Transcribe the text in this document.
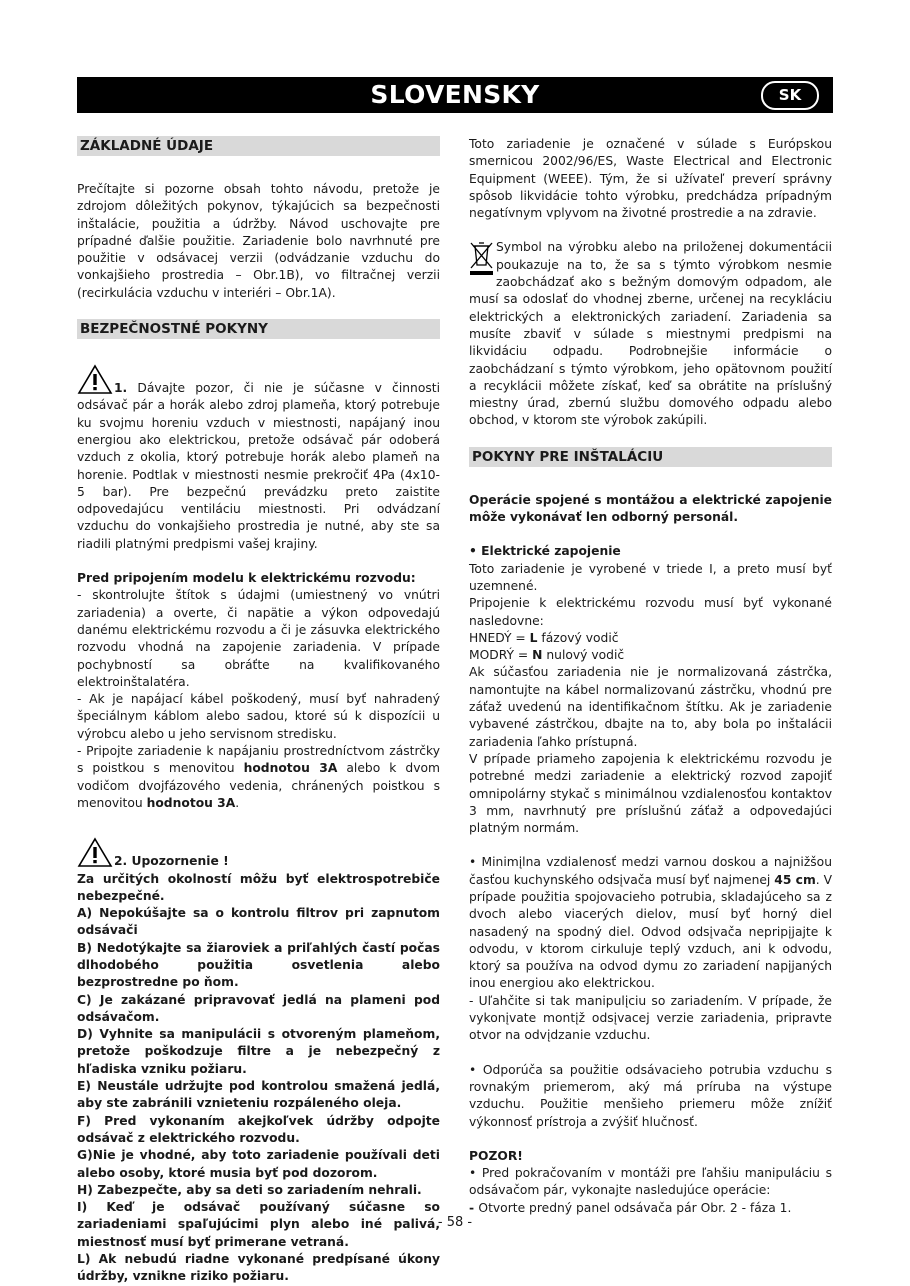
SLOVENSKY	SK
ZÁKLADNÉ ÚDAJE

Prečítajte si pozorne obsah tohto návodu, pretože je zdrojom dôležitých pokynov, týkajúcich sa bezpečnosti inštalácie, použitia a údržby. Návod uschovajte pre prípadné ďalšie použitie. Zariadenie bolo navrhnuté pre použitie v odsávacej verzii (odvádzanie vzduchu do vonkajšieho prostredia – Obr.1B), vo filtračnej verzii (recirkulácia vzduchu v interiéri – Obr.1A).

BEZPEČNOSTNÉ POKYNY

1. Dávajte pozor, či nie je súčasne v činnosti odsávač pár a horák alebo zdroj plameňa, ktorý potrebuje ku svojmu horeniu vzduch v miestnosti, napájaný inou energiou ako elektrickou, pretože odsávač pár odoberá vzduch z okolia, ktorý potrebuje horák alebo plameň na horenie. Podtlak v miestnosti nesmie prekročiť 4Pa (4x10-5 bar). Pre bezpečnú prevádzku preto zaistite odpovedajúcu ventiláciu miestnosti. Pri odvádzaní vzduchu do vonkajšieho prostredia je nutné, aby ste sa riadili platnými predpismi vašej krajiny.

Pred pripojením modelu k elektrickému rozvodu:

- skontrolujte štítok s údajmi (umiestnený vo vnútri zariadenia) a overte, či napätie a výkon odpovedajú danému elektrickému rozvodu a či je zásuvka elektrického rozvodu vhodná na zapojenie zariadenia. V prípade pochybností sa obráťte na kvalifikovaného elektroinštalatéra.

- Ak je napájací kábel poškodený, musí byť nahradený špeciálnym káblom alebo sadou, ktoré sú k dispozícii u výrobcu alebo u jeho servisnom stredisku.

- Pripojte zariadenie k napájaniu prostredníctvom zástrčky s poistkou s menovitou hodnotou 3A alebo k dvom vodičom dvojfázového vedenia, chránených poistkou s menovitou hodnotou 3A.

2. Upozornenie !

Za určitých okolností môžu byť elektrospotrebiče nebezpečné.

A) Nepokúšajte sa o kontrolu filtrov pri zapnutom odsávači

B) Nedotýkajte sa žiaroviek a priľahlých častí počas dlhodobého použitia osvetlenia alebo bezprostredne po ňom.

C) Je zakázané pripravovať jedlá na plameni pod odsávačom.

D) Vyhnite sa manipulácii s otvoreným plameňom, pretože poškodzuje filtre a je nebezpečný z hľadiska vzniku požiaru.

E) Neustále udržujte pod kontrolou smažená jedlá, aby ste zabránili vznieteniu rozpáleného oleja.

F) Pred vykonaním akejkoľvek údržby odpojte odsávač z elektrického rozvodu.

G)Nie je vhodné, aby toto zariadenie používali deti alebo osoby, ktoré musia byť pod dozorom.

H) Zabezpečte, aby sa deti so zariadením nehrali.

I) Keď je odsávač používaný súčasne so zariadeniami spaľujúcimi plyn alebo iné palivá, miestnosť musí byť primerane vetraná.

L) Ak nebudú riadne vykonané predpísané úkony údržby, vznikne riziko požiaru.

Toto zariadenie je označené v súlade s Európskou smernicou 2002/96/ES, Waste Electrical and Electronic Equipment (WEEE). Tým, že si užívateľ preverí správny spôsob likvidácie tohto výrobku, predchádza prípadným negatívnym vplyvom na životné prostredie a na zdravie.

Symbol na výrobku alebo na priloženej dokumentácii poukazuje na to, že sa s týmto výrobkom nesmie zaobchádzať ako s bežným domovým odpadom, ale musí sa odoslať do vhodnej zberne, určenej na recykláciu elektrických a elektronických zariadení. Zariadenia sa musíte zbaviť v súlade s miestnymi predpismi na likvidáciu odpadu. Podrobnejšie informácie o zaobchádzaní s týmto výrobkom, jeho opätovnom použití a recyklácii môžete získať, keď sa obrátite na príslušný miestny úrad, zbernú službu domového odpadu alebo obchod, v ktorom ste výrobok zakúpili.

POKYNY PRE INŠTALÁCIU

Operácie spojené s montážou a elektrické zapojenie môže vykonávať len odborný personál.

• Elektrické zapojenie

Toto zariadenie je vyrobené v triede I, a preto musí byť uzemnené.

Pripojenie k elektrickému rozvodu musí byť vykonané nasledovne:

HNEDÝ = L fázový vodič

MODRÝ = N nulový vodič

Ak súčasťou zariadenia nie je normalizovaná zástrčka, namontujte na kábel normalizovanú zástrčku, vhodnú pre záťaž uvedenú na identifikačnom štítku. Ak je zariadenie vybavené zástrčkou, dbajte na to, aby bola po inštalácii zariadenia ľahko prístupná.

V prípade priameho zapojenia k elektrickému rozvodu je potrebné medzi zariadenie a elektrický rozvod zapojiť omnipolárny stykač s minimálnou vzdialenosťou kontaktov 3 mm, navrhnutý pre príslušnú záťaž a odpovedajúci platným normám.

• Minimįlna vzdialenosť medzi varnou doskou a najnižšou časťou kuchynského odsįvača musí byť najmenej 45 cm. V prípade použitia spojovacieho potrubia, skladajúceho sa z dvoch alebo viacerých dielov, musí byť horný diel nasadený na spodný diel. Odvod odsįvača nepripįjajte k odvodu, v ktorom cirkuluje teplý vzduch, ani k odvodu, ktorý sa používa na odvod dymu zo zariadení napįjaných inou energiou ako elektrickou.

- Uľahčite si tak manipulįciu so zariadením. V prípade, že vykonįvate montįž odsįvacej verzie zariadenia, pripravte otvor na odvįdzanie vzduchu.

• Odporúča sa použitie odsávacieho potrubia vzduchu s rovnakým priemerom, aký má príruba na výstupe vzduchu. Použitie menšieho priemeru môže znížiť výkonnosť prístroja a zvýšiť hlučnosť.

POZOR!

• Pred pokračovaním v montáži pre ľahšiu manipuláciu s odsávačom pár, vykonajte nasledujúce operácie:

- Otvorte predný panel odsávača pár Obr. 2 - fáza 1.

- 58 -
